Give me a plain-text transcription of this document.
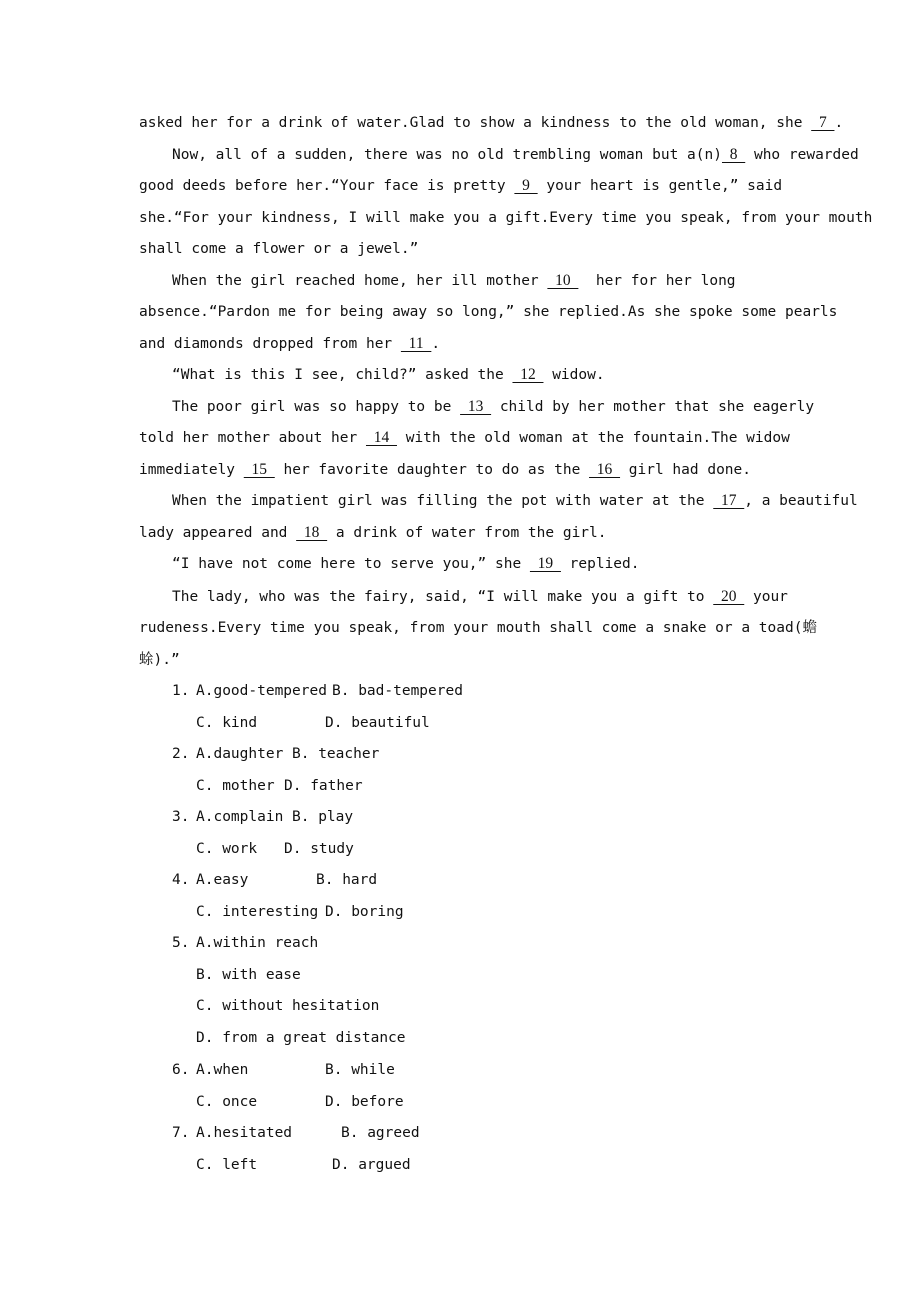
asked her for a drink of water.Glad to show a kindness to the old woman, she   7  .
Now, all of a sudden, there was no old trembling woman but a(n)  8   who rewarded
good deeds before her.“Your face is pretty   9   your heart is gentle,” said
she.“For your kindness, I will make you a gift.Every time you speak, from your mouth
shall come a flower or a jewel.”
When the girl reached home, her ill mother   10    her for her long
absence.“Pardon me for being away so long,” she replied.As she spoke some pearls
and diamonds dropped from her   11  .
“What is this I see, child?” asked the   12   widow.
The poor girl was so happy to be   13   child by her mother that she eagerly
told her mother about her   14   with the old woman at the fountain.The widow
immediately   15   her favorite daughter to do as the   16   girl had done.
When the impatient girl was filling the pot with water at the   17  , a beautiful
lady appeared and   18   a drink of water from the girl.
“I have not come here to serve you,” she   19   replied.
The lady, who was the fairy, said, “I will make you a gift to   20   your
rudeness.Every time you speak, from your mouth shall come a snake or a toad(蟾
蜍).”
1. A.good-tempered B. bad-tempered
C. kind	D. beautiful
2. A.daughter B. teacher
C. mother D. father
3. A.complain B. play
C. work D. study
4. A.easy	B. hard
C. interesting D. boring
5. A.within reach
B. with ease
C. without hesitation
D. from a great distance
6. A.when	B. while
C. once	D. before
7. A.hesitated	B. agreed
C. left	D. argued
